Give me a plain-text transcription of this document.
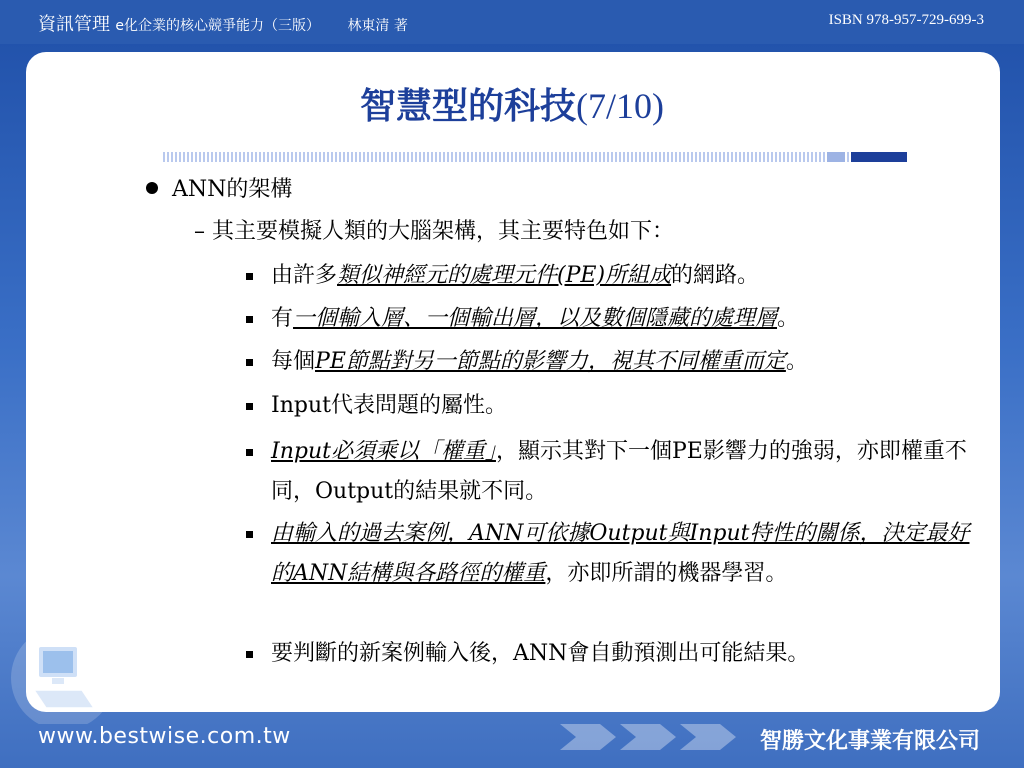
資訊管理 e化企業的核心競爭能力（三版） 林東清 著	ISBN 978-957-729-699-3
智慧型的科技(7/10)
ANN的架構
– 其主要模擬人類的大腦架構，其主要特色如下：
由許多類似神經元的處理元件(PE)所組成的網路。
有一個輸入層、一個輸出層，以及數個隱藏的處理層。
每個PE節點對另一節點的影響力，視其不同權重而定。
Input代表問題的屬性。
Input必須乘以「權重」，顯示其對下一個PE影響力的強弱，亦即權重不同，Output的結果就不同。
由輸入的過去案例，ANN可依據Output與Input特性的關係，決定最好的ANN結構與各路徑的權重，亦即所謂的機器學習。
要判斷的新案例輸入後，ANN會自動預測出可能結果。
www.bestwise.com.tw	智勝文化事業有限公司
